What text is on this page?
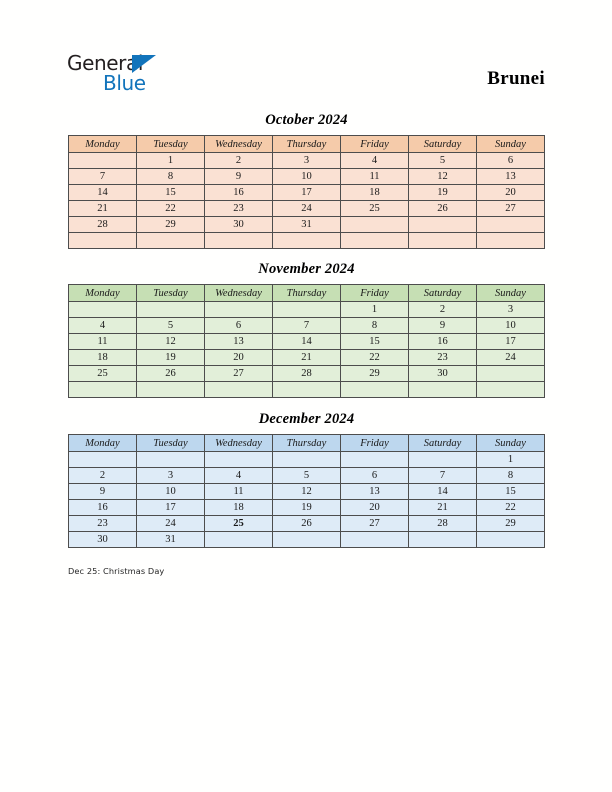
General
Blue	Brunei
October 2024
Monday	Tuesday	Wednesday	Thursday	Friday	Saturday	Sunday
	1	2	3	4	5	6
7	8	9	10	11	12	13
14	15	16	17	18	19	20
21	22	23	24	25	26	27
28	29	30	31			

November 2024
Monday	Tuesday	Wednesday	Thursday	Friday	Saturday	Sunday
				1	2	3
4	5	6	7	8	9	10
11	12	13	14	15	16	17
18	19	20	21	22	23	24
25	26	27	28	29	30	

December 2024
Monday	Tuesday	Wednesday	Thursday	Friday	Saturday	Sunday
						1
2	3	4	5	6	7	8
9	10	11	12	13	14	15
16	17	18	19	20	21	22
23	24	25	26	27	28	29
30	31					
Dec 25: Christmas Day
